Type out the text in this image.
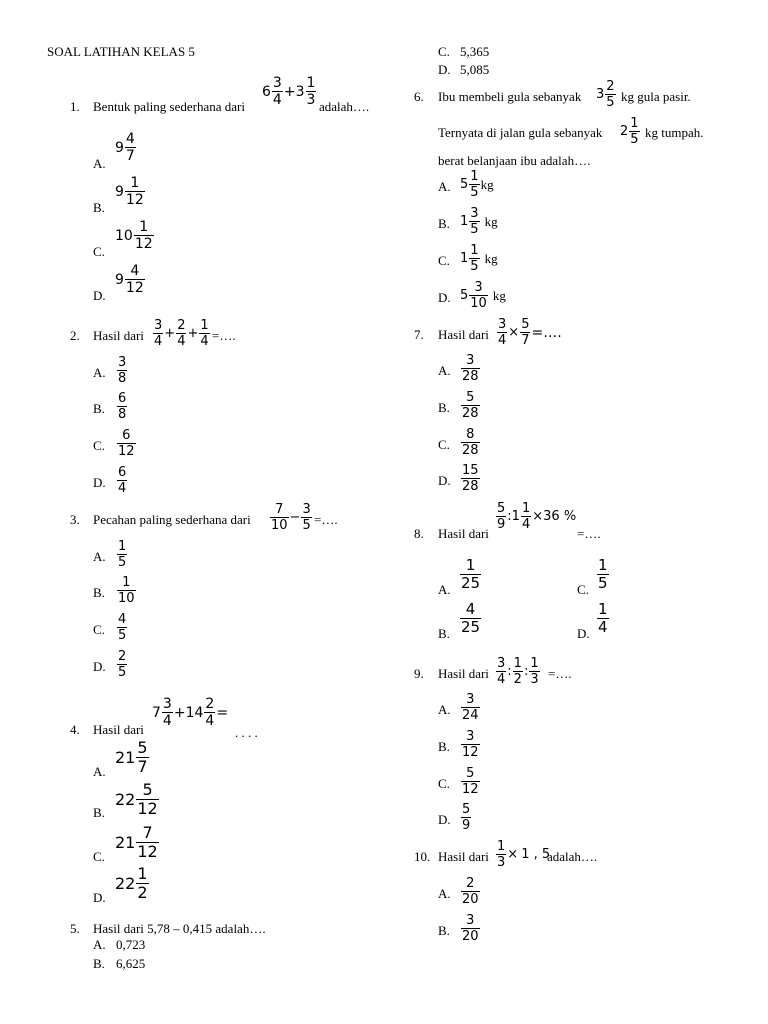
SOAL LATIHAN KELAS 5
1. Bentuk paling sederhana dari
$6 \frac{3}{4} + 3 \frac{1}{3}$ adalah….
A.
$9 \frac{4}{7}$
B.
$9 \frac{1}{12}$
C.
$10 \frac{1}{12}$
D.
$9 \frac{4}{12}$
2. Hasil dari $\frac{3}{4} + \frac{2}{4} + \frac{1}{4}$ =….
A. $\frac{3}{8}$
B. $\frac{6}{8}$
C. $\frac{6}{12}$
D. $\frac{6}{4}$
3. Pecahan paling sederhana dari $\frac{7}{10} - \frac{3}{5}$ =….
A. $\frac{1}{5}$
B. $\frac{1}{10}$
C. $\frac{4}{5}$
D. $\frac{2}{5}$
4. Hasil dari
$7 \frac{3}{4} + 14 \frac{2}{4}$ =
. . . .
A.
$21 \frac{5}{7}$
B.
$22 \frac{5}{12}$
C.
$21 \frac{7}{12}$
D.
$22 \frac{1}{2}$
5. Hasil dari 5,78 – 0,415 adalah….
A. 0,723
B. 6,625
C. 5,365
D. 5,085
6. Ibu membeli gula sebanyak $3 \frac{2}{5}$ kg gula pasir.
Ternyata di jalan gula sebanyak $2 \frac{1}{5}$ kg tumpah.
berat belanjaan ibu adalah….
A. $5 \frac{1}{5}$ kg
B. $1 \frac{3}{5}$ kg
C. $1 \frac{1}{5}$ kg
D. $5 \frac{3}{10}$ kg
7. Hasil dari $\frac{3}{4} \times \frac{5}{7}$ =….
A. $\frac{3}{28}$
B. $\frac{5}{28}$
C. $\frac{8}{28}$
D. $\frac{15}{28}$
8. Hasil dari
$\frac{5}{9}$ : $1 \frac{1}{4} \times 36$ %
=….
A. $\frac{1}{25}$
B. $\frac{4}{25}$
C. $\frac{1}{5}$
D. $\frac{1}{4}$
9. Hasil dari $\frac{3}{4}$ : $\frac{1}{2}$ : $\frac{1}{3}$ =….
A. $\frac{3}{24}$
B. $\frac{3}{12}$
C. $\frac{5}{12}$
D. $\frac{5}{9}$
10. Hasil dari $\frac{1}{3} \times 1$ , 5
adalah….
A. $\frac{2}{20}$
B. $\frac{3}{20}$
